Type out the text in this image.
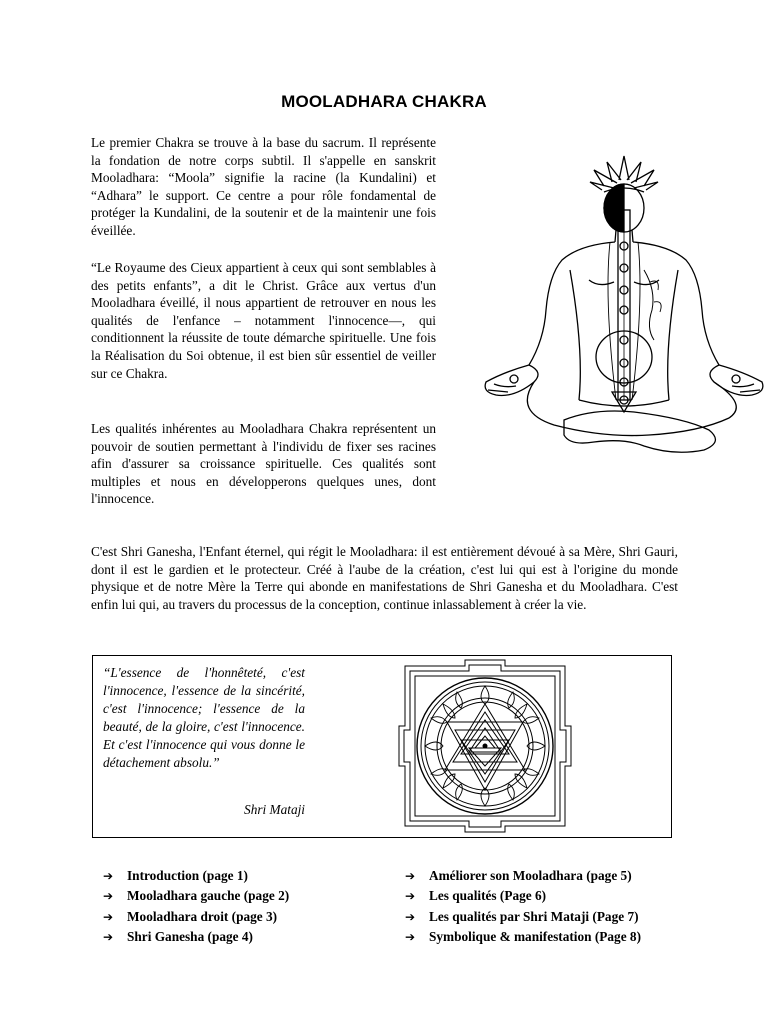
MOOLADHARA CHAKRA

Le premier Chakra se trouve à la base du sacrum. Il représente la fondation de notre corps subtil. Il s'appelle en sanskrit Mooladhara: “Moola” signifie la racine (la Kundalini) et “Adhara” le support. Ce centre a pour rôle fondamental de protéger la Kundalini, de la soutenir et de la maintenir une fois éveillée.

“Le Royaume des Cieux appartient à ceux qui sont semblables à des petits enfants”, a dit le Christ. Grâce aux vertus d'un Mooladhara éveillé, il nous appartient de retrouver en nous les qualités de l'enfance – notamment l'innocence—, qui conditionnent la réussite de toute démarche spirituelle. Une fois la Réalisation du Soi obtenue, il est bien sûr essentiel de veiller sur ce Chakra.

Les qualités inhérentes au Mooladhara Chakra représentent un pouvoir de soutien permettant à l'individu de fixer ses racines afin d'assurer sa croissance spirituelle. Ces qualités sont multiples et nous en développerons quelques unes, dont l'innocence.

C'est Shri Ganesha, l'Enfant éternel, qui régit le Mooladhara: il est entièrement dévoué à sa Mère, Shri Gauri, dont il est le gardien et le protecteur. Créé à l'aube de la création, c'est lui qui est à l'origine du monde physique et de notre Mère la Terre qui abonde en manifestations de Shri Ganesha et du Mooladhara. C'est enfin lui qui, au travers du processus de la conception, continue inlassablement à créer la vie.

“L'essence de l'honnêteté, c'est l'innocence, l'essence de la sincérité, c'est l'innocence; l'essence de la beauté, de la gloire, c'est l'innocence. Et c'est l'innocence qui vous donne le détachement absolu.”

Shri Mataji
➔ Introduction (page 1)
➔ Mooladhara gauche (page 2)
➔ Mooladhara droit (page 3)
➔ Shri Ganesha (page 4)
➔ Améliorer son Mooladhara (page 5)
➔ Les qualités (Page 6)
➔ Les qualités par Shri Mataji (Page 7)
➔ Symbolique & manifestation (Page 8)
